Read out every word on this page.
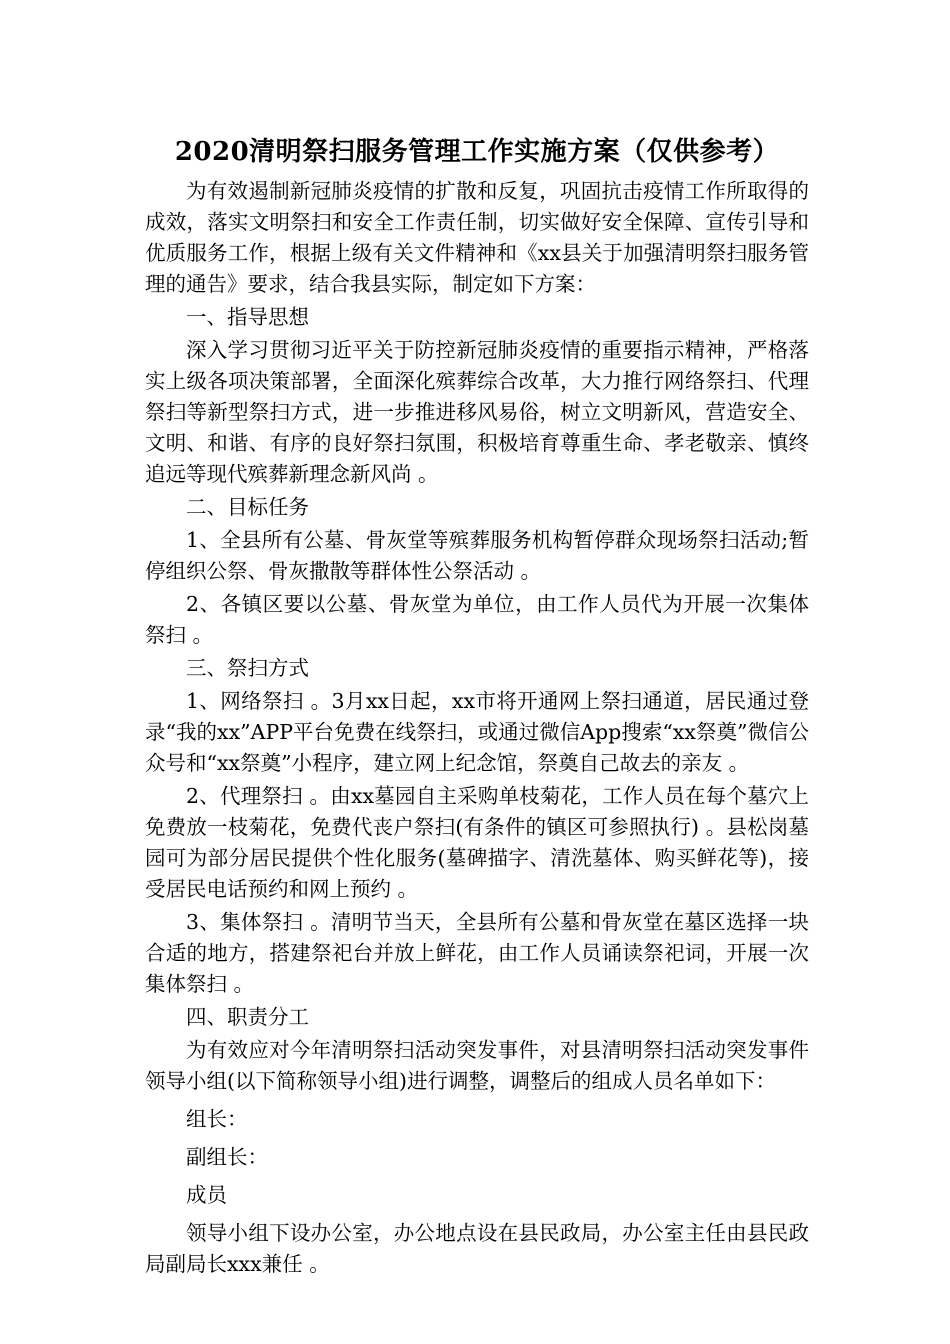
2020清明祭扫服务管理工作实施方案（仅供参考）
为有效遏制新冠肺炎疫情的扩散和反复，巩固抗击疫情工作所取得的成效，落实文明祭扫和安全工作责任制，切实做好安全保障、宣传引导和优质服务工作，根据上级有关文件精神和《xx县关于加强清明祭扫服务管理的通告》要求，结合我县实际，制定如下方案：
一、指导思想
深入学习贯彻习近平关于防控新冠肺炎疫情的重要指示精神，严格落实上级各项决策部署，全面深化殡葬综合改革，大力推行网络祭扫、代理祭扫等新型祭扫方式，进一步推进移风易俗，树立文明新风，营造安全、文明、和谐、有序的良好祭扫氛围，积极培育尊重生命、孝老敬亲、慎终追远等现代殡葬新理念新风尚 。
二、目标任务
1、全县所有公墓、骨灰堂等殡葬服务机构暂停群众现场祭扫活动;暂停组织公祭、骨灰撒散等群体性公祭活动 。
2、各镇区要以公墓、骨灰堂为单位，由工作人员代为开展一次集体祭扫 。
三、祭扫方式
1、网络祭扫 。3月xx日起，xx市将开通网上祭扫通道，居民通过登录“我的xx”APP平台免费在线祭扫，或通过微信App搜索“xx祭奠”微信公众号和“xx祭奠”小程序，建立网上纪念馆，祭奠自己故去的亲友 。
2、代理祭扫 。由xx墓园自主采购单枝菊花，工作人员在每个墓穴上免费放一枝菊花，免费代丧户祭扫(有条件的镇区可参照执行) 。县松岗墓园可为部分居民提供个性化服务(墓碑描字、清洗墓体、购买鲜花等)，接受居民电话预约和网上预约 。
3、集体祭扫 。清明节当天，全县所有公墓和骨灰堂在墓区选择一块合适的地方，搭建祭祀台并放上鲜花，由工作人员诵读祭祀词，开展一次集体祭扫 。
四、职责分工
为有效应对今年清明祭扫活动突发事件，对县清明祭扫活动突发事件领导小组(以下简称领导小组)进行调整，调整后的组成人员名单如下：
组长：
副组长：
成员
领导小组下设办公室，办公地点设在县民政局，办公室主任由县民政局副局长xxx兼任 。
